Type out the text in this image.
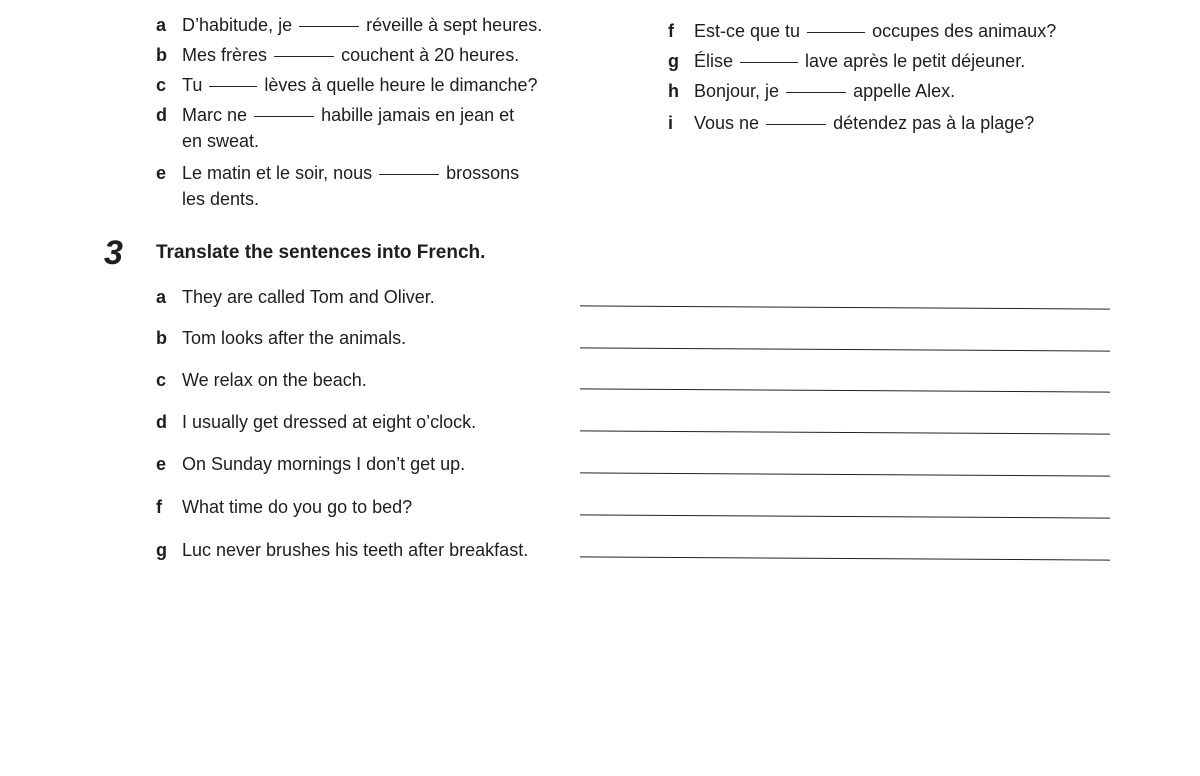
a D’habitude, je	réveille à sept heures.
b Mes frères	couchent à 20 heures.
c Tu	lèves à quelle heure le dimanche?
d Marc ne	habille jamais en jean et
en sweat.
e Le matin et le soir, nous	brossons
les dents.
f Est-ce que tu	occupes des animaux?
g Élise	lave après le petit déjeuner.
h Bonjour, je	appelle Alex.
i Vous ne	détendez pas à la plage?
3 Translate the sentences into French.
a They are called Tom and Oliver.
b Tom looks after the animals.
c We relax on the beach.
d I usually get dressed at eight o’clock.
e On Sunday mornings I don’t get up.
f What time do you go to bed?
g Luc never brushes his teeth after breakfast.
